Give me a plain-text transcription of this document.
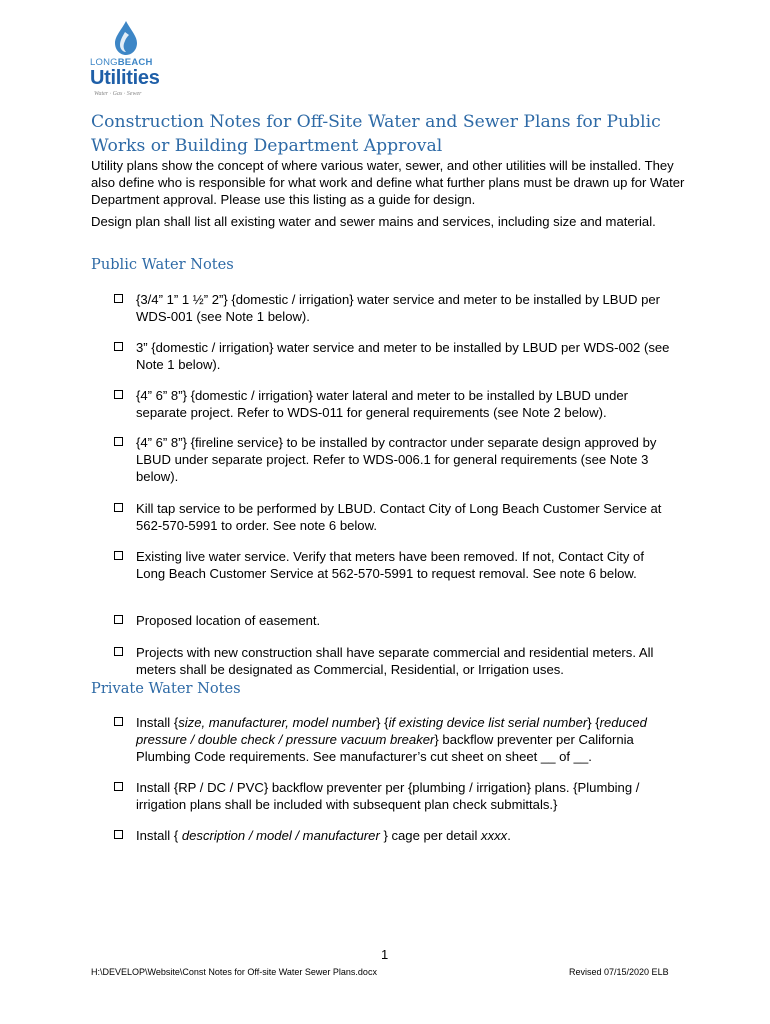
LONGBEACH
Utilities
Water · Gas · Sewer
Construction Notes for Off-Site Water and Sewer Plans for Public Works or Building Department Approval

Utility plans show the concept of where various water, sewer, and other utilities will be installed. They also define who is responsible for what work and define what further plans must be drawn up for Water Department approval. Please use this listing as a guide for design.

Design plan shall list all existing water and sewer mains and services, including size and material.

Public Water Notes
{3/4” 1” 1 ½” 2”} {domestic / irrigation} water service and meter to be installed by LBUD per WDS-001 (see Note 1 below).
3” {domestic / irrigation} water service and meter to be installed by LBUD per WDS-002 (see Note 1 below).
{4” 6” 8”} {domestic / irrigation} water lateral and meter to be installed by LBUD under separate project. Refer to WDS-011 for general requirements (see Note 2 below).
{4” 6” 8”} {fireline service} to be installed by contractor under separate design approved by LBUD under separate project. Refer to WDS-006.1 for general requirements (see Note 3 below).
Kill tap service to be performed by LBUD. Contact City of Long Beach Customer Service at 562-570-5991 to order. See note 6 below.
Existing live water service. Verify that meters have been removed. If not, Contact City of Long Beach Customer Service at 562-570-5991 to request removal. See note 6 below.
Proposed location of easement.
Projects with new construction shall have separate commercial and residential meters. All meters shall be designated as Commercial, Residential, or Irrigation uses.
Private Water Notes
Install {size, manufacturer, model number} {if existing device list serial number} {reduced pressure / double check / pressure vacuum breaker} backflow preventer per California Plumbing Code requirements. See manufacturer’s cut sheet on sheet __ of __.
Install {RP / DC / PVC} backflow preventer per {plumbing / irrigation} plans. {Plumbing / irrigation plans shall be included with subsequent plan check submittals.}
Install { description / model / manufacturer } cage per detail xxxx.
1
H:\DEVELOP\Website\Const Notes for Off-site Water Sewer Plans.docx	Revised 07/15/2020 ELB
